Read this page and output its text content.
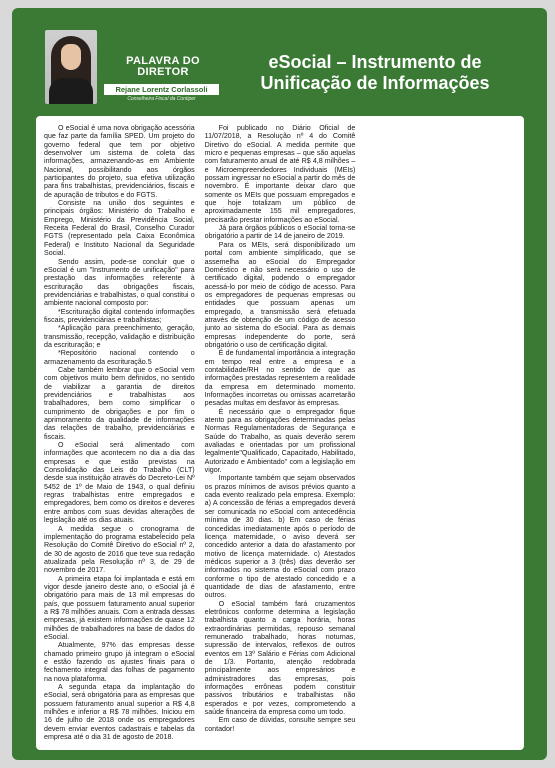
PALAVRA DO
DIRETOR
Rejane Lorentz Corlassoli
Conselheira Fiscal da Contiper
eSocial – Instrumento de
Unificação de Informações

O eSocial é uma nova obrigação acessória que faz parte da família SPED. Um projeto do governo federal que tem por objetivo desenvolver um sistema de coleta das informações, armazenando-as em Ambiente Nacional, possibilitando aos órgãos participantes do projeto, sua efetiva utilização para fins trabalhistas, previdenciários, fiscais e de apuração de tributos e do FGTS.

Consiste na união dos seguintes e principais órgãos: Ministério do Trabalho e Emprego, Ministério da Previdência Social, Receita Federal do Brasil, Conselho Curador FGTS (representado pela Caixa Econômica Federal) e Instituto Nacional da Seguridade Social.

Sendo assim, pode-se concluir que o eSocial é um "Instrumento de unificação" para prestação das informações referente à escrituração das obrigações fiscais, previdenciárias e trabalhistas, o qual constitui o ambiente nacional composto por:

*Escrituração digital contendo informações fiscais, previdenciárias e trabalhistas;

*Aplicação para preenchimento, geração, transmissão, recepção, validação e distribuição da escrituração; e

*Repositório nacional contendo o armazenamento da escrituração.5

Cabe também lembrar que o eSocial vem com objetivos muito bem definidos, no sentido de viabilizar a garantia de direitos previdenciários e trabalhistas aos trabalhadores, bem como simplificar o cumprimento de obrigações e por fim o aprimoramento da qualidade de informações das relações de trabalho, previdenciárias e fiscais.

O eSocial será alimentado com informações que acontecem no dia a dia das empresas e que estão previstas na Consolidação das Leis do Trabalho (CLT) desde sua instituição através do Decreto-Lei Nº 5452 de 1º de Maio de 1943, o qual definiu regras trabalhistas entre empregados e empregadores, bem como os direitos e deveres entre ambos com suas devidas alterações de legislação até os dias atuais.

A medida segue o cronograma de implementação do programa estabelecido pela Resolução do Comitê Diretivo do eSocial nº 2, de 30 de agosto de 2016 que teve sua redação atualizada pela Resolução nº 3, de 29 de novembro de 2017.

A primeira etapa foi implantada e está em vigor desde janeiro deste ano, o eSocial já é obrigatório para mais de 13 mil empresas do país, que possuem faturamento anual superior a R$ 78 milhões anuais. Com a entrada dessas empresas, já existem informações de quase 12 milhões de trabalhadores na base de dados do eSocial.

Atualmente, 97% das empresas desse chamado primeiro grupo já integram o eSocial e estão fazendo os ajustes finais para o fechamento integral das folhas de pagamento na nova plataforma.

A segunda etapa da implantação do eSocial, será obrigatória para as empresas que possuem faturamento anual superior a R$ 4,8 milhões e inferior a R$ 78 milhões. Iniciou em 16 de julho de 2018 onde os empregadores devem enviar eventos cadastrais e tabelas da empresa até o dia 31 de agosto de 2018.

Foi publicado no Diário Oficial de 11/07/2018, a Resolução nº 4 do Comitê Diretivo do eSocial. A medida permite que micro e pequenas empresas – que são aquelas com faturamento anual de até R$ 4,8 milhões – e Microempreendedores Individuais (MEIs) possam ingressar no eSocial a partir do mês de novembro. É importante deixar claro que somente os MEIs que possuam empregados e que hoje totalizam um público de aproximadamente 155 mil empregadores, precisarão prestar informações ao eSocial.

Já para órgãos públicos o eSocial torna-se obrigatório a partir de 14 de janeiro de 2019.

Para os MEIs, será disponibilizado um portal com ambiente simplificado, que se assemelha ao eSocial do Empregador Doméstico e não será necessário o uso de certificado digital, podendo o empregador acessá-lo por meio de código de acesso. Para os empregadores de pequenas empresas ou entidades que possuam apenas um empregado, a transmissão será efetuada através de obtenção de um código de acesso junto ao sistema do eSocial. Para as demais empresas independente do porte, será obrigatório o uso de certificação digital.

É de fundamental importância a integração em tempo real entre a empresa e a contabilidade/RH no sentido de que as informações prestadas representem a realidade da empresa em determinado momento. Informações incorretas ou omissas acarretarão pesadas multas em desfavor às empresas.

É necessário que o empregador fique atento para as obrigações determinadas pelas Normas Regulamentadoras de Segurança e Saúde do Trabalho, as quais deverão serem avaliadas e orientadas por um profissional legalmente"Qualificado, Capacitado, Habilitado, Autorizado e Ambientado" com a legislação em vigor.

Importante também que sejam observados os prazos mínimos de avisos prévios quanto a cada evento realizado pela empresa. Exemplo: a) A concessão de férias a empregados deverá ser comunicada no eSocial com antecedência mínima de 30 dias. b) Em caso de férias concedidas imediatamente após o período de licença maternidade, o aviso deverá ser concedido anterior a data do afastamento por motivo de licença maternidade. c) Atestados médicos superior a 3 (três) dias deverão ser informados no sistema do eSocial com prazo conforme o tipo de atestado concedido e a quantidade de dias de afastamento, entre outros.

O eSocial também fará cruzamentos eletrônicos conforme determina a legislação trabalhista quanto a carga horária, horas extraordinárias permitidas, repouso semanal remunerado trabalhado, horas noturnas, supressão de intervalos, reflexos de outros eventos em 13º Salário e Férias com Adicional de 1/3. Portanto, atenção redobrada principalmente aos empresários e administradores das empresas, pois informações errôneas podem constituir passivos tributários e trabalhistas não esperados e por vezes, comprometendo a saúde financeira da empresa como um todo.

Em caso de dúvidas, consulte sempre seu contador!
